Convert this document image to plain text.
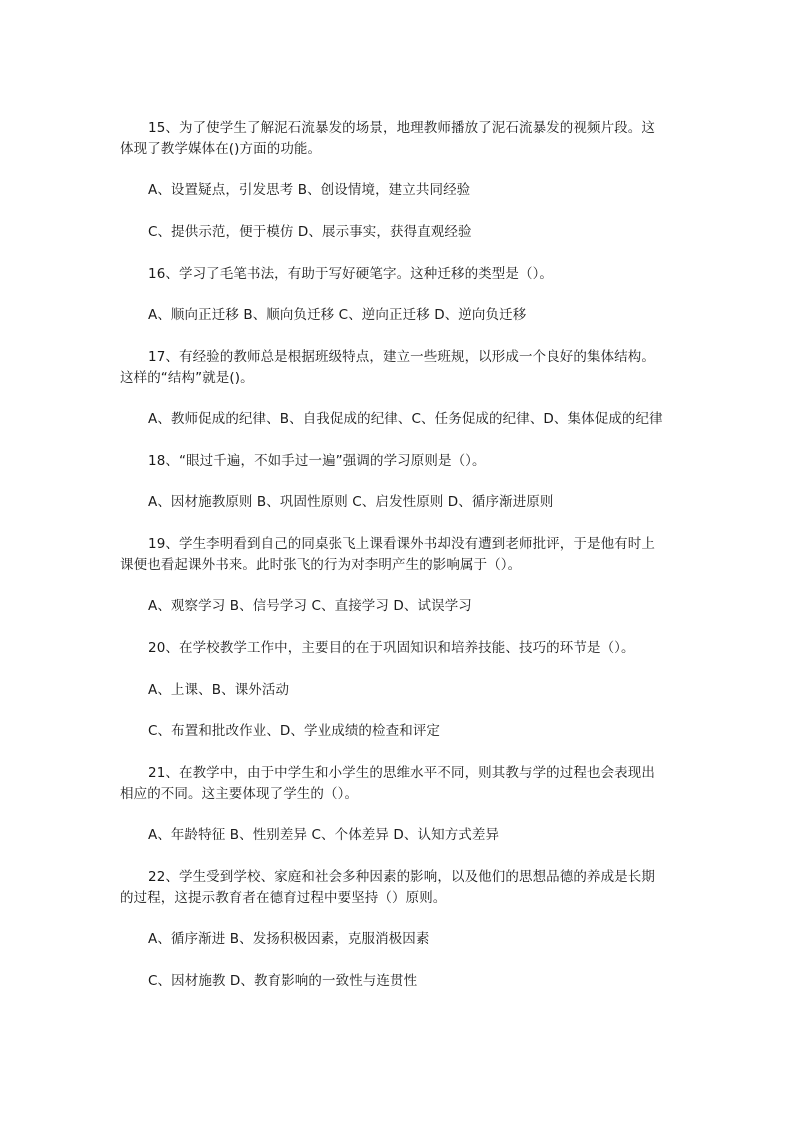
15、为了使学生了解泥石流暴发的场景，地理教师播放了泥石流暴发的视频片段。这
体现了教学媒体在()方面的功能。
A、设置疑点，引发思考 B、创设情境，建立共同经验
C、提供示范，便于模仿 D、展示事实，获得直观经验
16、学习了毛笔书法，有助于写好硬笔字。这种迁移的类型是（）。
A、顺向正迁移 B、顺向负迁移 C、逆向正迁移 D、逆向负迁移
17、有经验的教师总是根据班级特点，建立一些班规，以形成一个良好的集体结构。
这样的“结构”就是()。
A、教师促成的纪律、B、自我促成的纪律、C、任务促成的纪律、D、集体促成的纪律
18、“眼过千遍，不如手过一遍”强调的学习原则是（）。
A、因材施教原则 B、巩固性原则 C、启发性原则 D、循序渐进原则
19、学生李明看到自己的同桌张飞上课看课外书却没有遭到老师批评，于是他有时上
课便也看起课外书来。此时张飞的行为对李明产生的影响属于（）。
A、观察学习 B、信号学习 C、直接学习 D、试误学习
20、在学校教学工作中，主要目的在于巩固知识和培养技能、技巧的环节是（）。
A、上课、B、课外活动
C、布置和批改作业、D、学业成绩的检查和评定
21、在教学中，由于中学生和小学生的思维水平不同，则其教与学的过程也会表现出
相应的不同。这主要体现了学生的（）。
A、年龄特征 B、性别差异 C、个体差异 D、认知方式差异
22、学生受到学校、家庭和社会多种因素的影响，以及他们的思想品德的养成是长期
的过程，这提示教育者在德育过程中要坚持（）原则。
A、循序渐进 B、发扬积极因素，克服消极因素
C、因材施教 D、教育影响的一致性与连贯性
